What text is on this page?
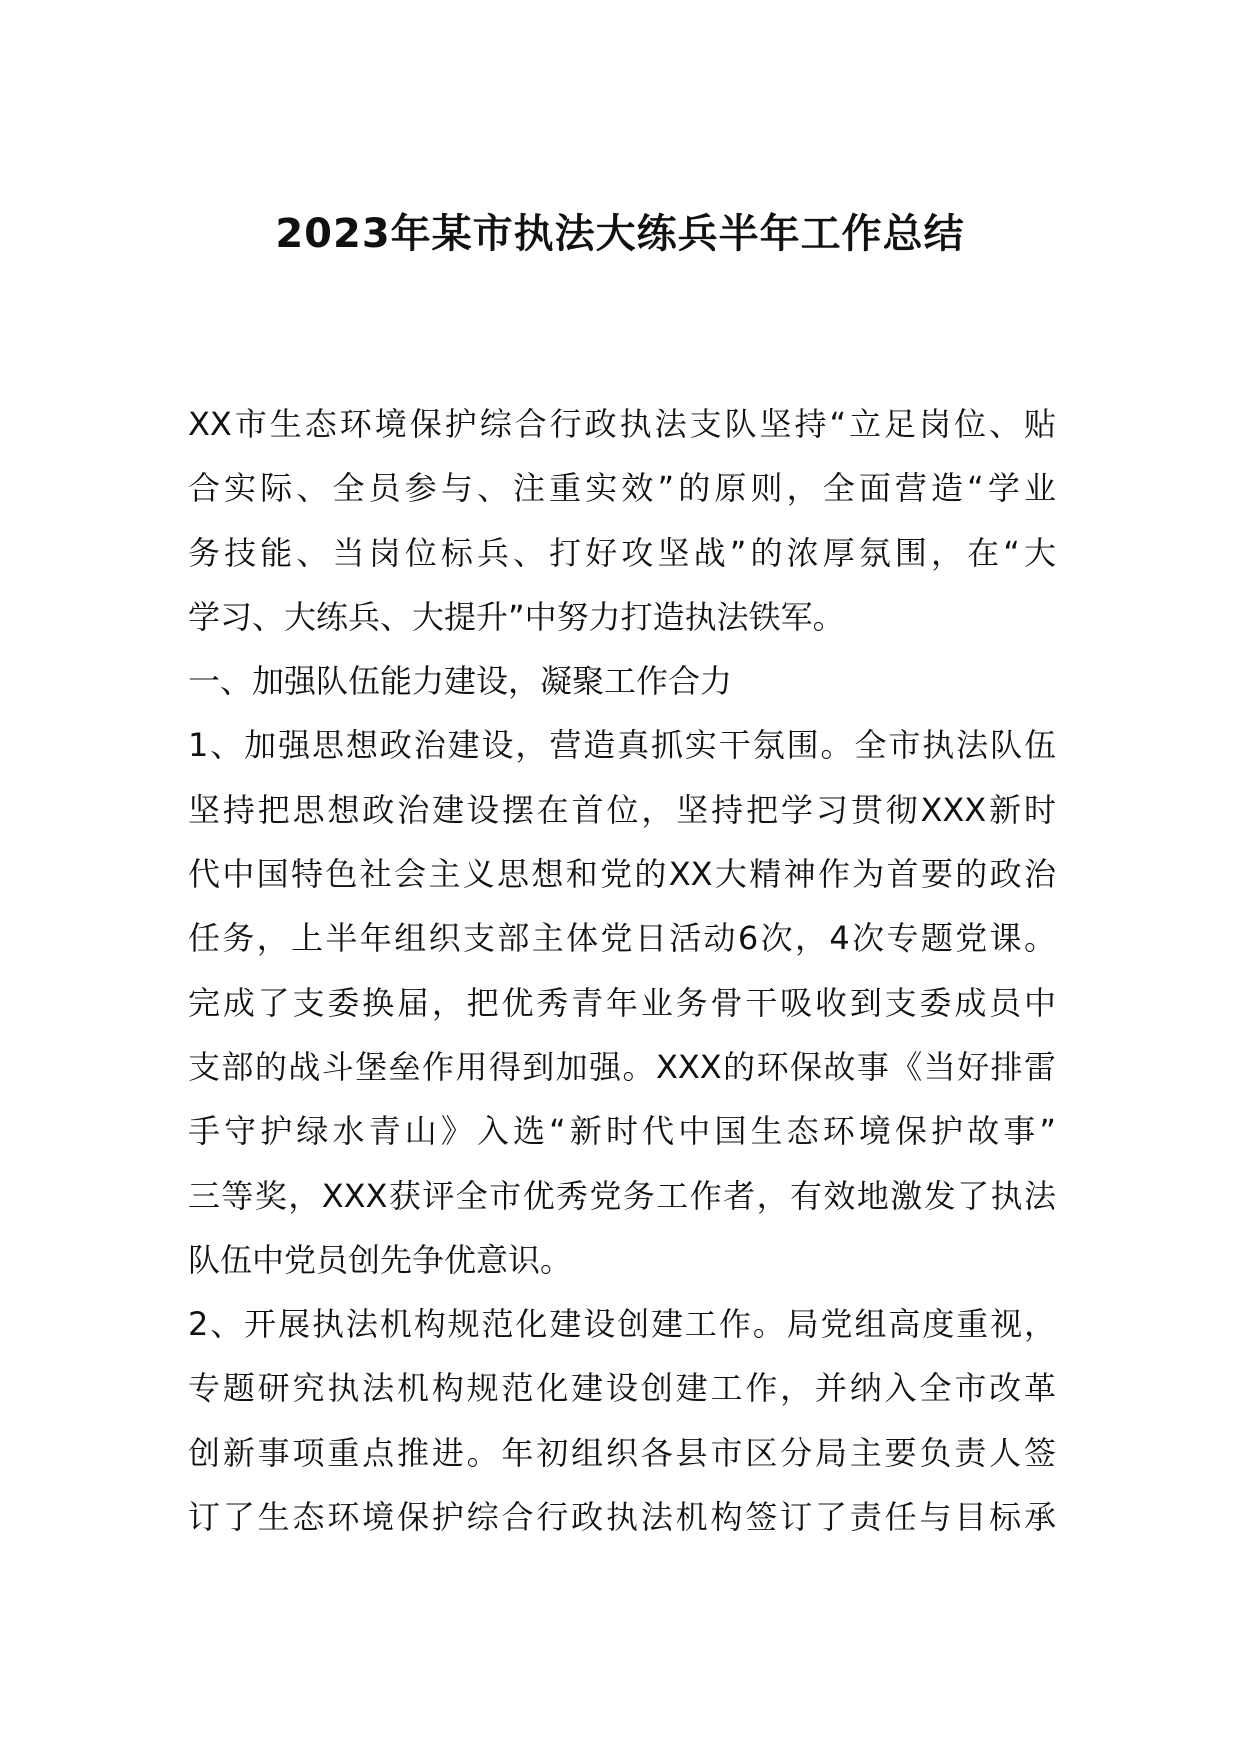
2023年某市执法大练兵半年工作总结
XX市生态环境保护综合行政执法支队坚持“立足岗位、贴
合实际、全员参与、注重实效”的原则，全面营造“学业
务技能、当岗位标兵、打好攻坚战”的浓厚氛围，在“大
学习、大练兵、大提升”中努力打造执法铁军。
一、加强队伍能力建设，凝聚工作合力
1、加强思想政治建设，营造真抓实干氛围。全市执法队伍
坚持把思想政治建设摆在首位，坚持把学习贯彻XXX新时
代中国特色社会主义思想和党的XX大精神作为首要的政治
任务，上半年组织支部主体党日活动6次，4次专题党课。
完成了支委换届，把优秀青年业务骨干吸收到支委成员中
支部的战斗堡垒作用得到加强。XXX的环保故事《当好排雷
手守护绿水青山》入选“新时代中国生态环境保护故事”
三等奖，XXX获评全市优秀党务工作者，有效地激发了执法
队伍中党员创先争优意识。
2、开展执法机构规范化建设创建工作。局党组高度重视，
专题研究执法机构规范化建设创建工作，并纳入全市改革
创新事项重点推进。年初组织各县市区分局主要负责人签
订了生态环境保护综合行政执法机构签订了责任与目标承
